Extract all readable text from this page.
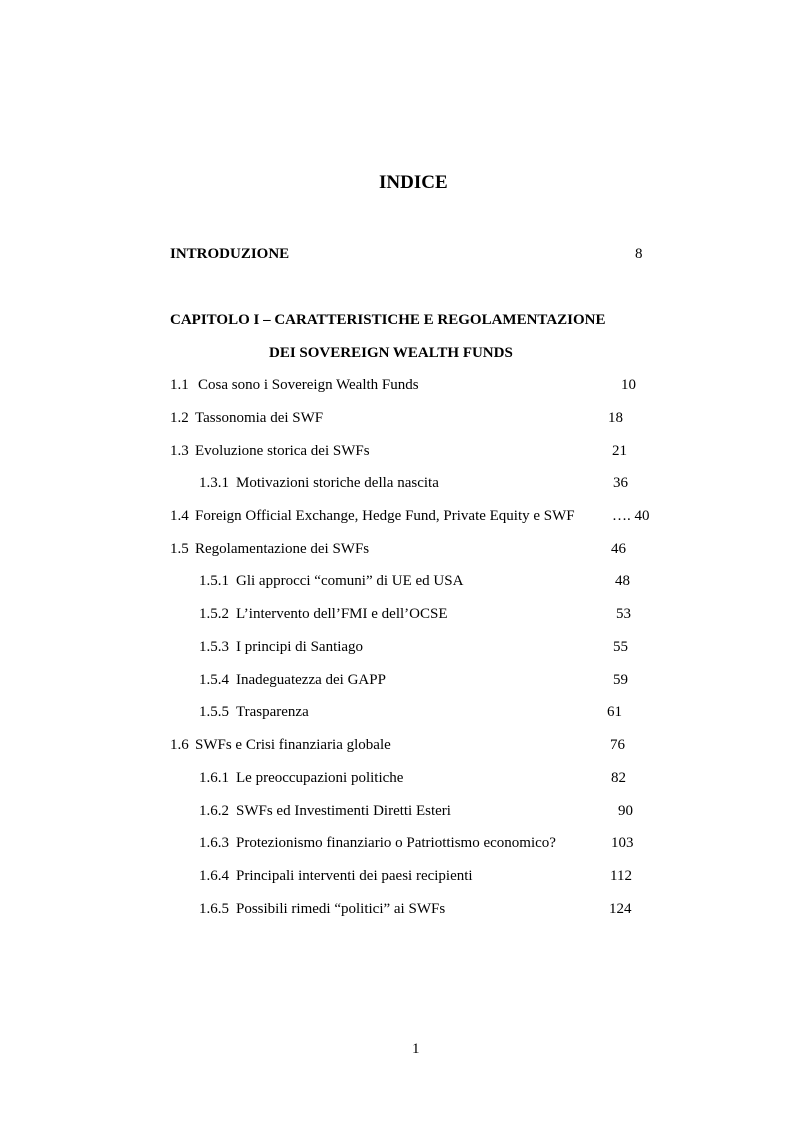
INDICE
INTRODUZIONE	8
CAPITOLO I – CARATTERISTICHE E REGOLAMENTAZIONE
DEI SOVEREIGN WEALTH FUNDS
1.1 Cosa sono i Sovereign Wealth Funds	10
1.2 Tassonomia dei SWF	18
1.3 Evoluzione storica dei SWFs	21
1.3.1 Motivazioni storiche della nascita	36
1.4 Foreign Official Exchange, Hedge Fund, Private Equity e SWF …. 40
1.5 Regolamentazione dei SWFs	46
1.5.1 Gli approcci “comuni” di UE ed USA	48
1.5.2 L’intervento dell’FMI e dell’OCSE	53
1.5.3 I principi di Santiago	55
1.5.4 Inadeguatezza dei GAPP	59
1.5.5 Trasparenza	61
1.6 SWFs e Crisi finanziaria globale	76
1.6.1 Le preoccupazioni politiche	82
1.6.2 SWFs ed Investimenti Diretti Esteri	90
1.6.3 Protezionismo finanziario o Patriottismo economico?	103
1.6.4 Principali interventi dei paesi recipienti	112
1.6.5 Possibili rimedi “politici” ai SWFs	124
1
